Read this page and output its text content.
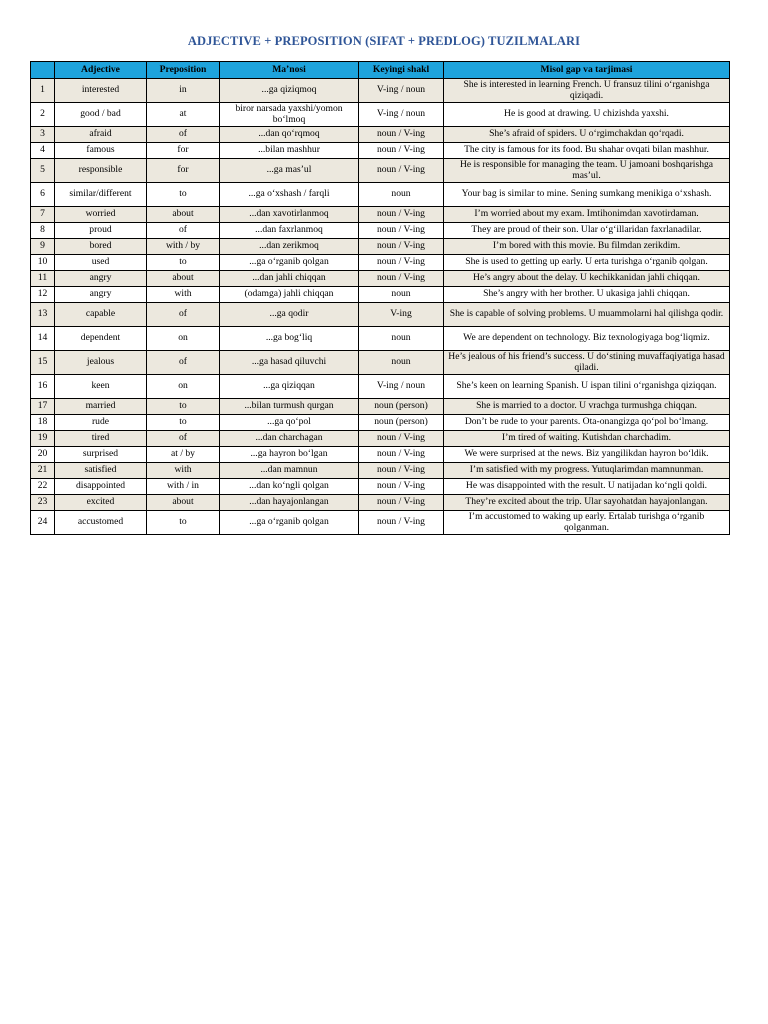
ADJECTIVE + PREPOSITION (SIFAT + PREDLOG) TUZILMALARI
	Adjective	Preposition	Ma’nosi	Keyingi shakl	Misol gap va tarjimasi
1	interested	in	...ga qiziqmoq	V-ing / noun	She is interested in learning French. U fransuz tilini o‘rganishga qiziqadi.
2	good / bad	at	biror narsada yaxshi/yomon bo‘lmoq	V-ing / noun	He is good at drawing. U chizishda yaxshi.
3	afraid	of	...dan qo‘rqmoq	noun / V-ing	She’s afraid of spiders. U o‘rgimchakdan qo‘rqadi.
4	famous	for	...bilan mashhur	noun / V-ing	The city is famous for its food. Bu shahar ovqati bilan mashhur.
5	responsible	for	...ga mas’ul	noun / V-ing	He is responsible for managing the team. U jamoani boshqarishga mas’ul.
6	similar/different	to	...ga o‘xshash / farqli	noun	Your bag is similar to mine. Sening sumkang menikiga o‘xshash.
7	worried	about	...dan xavotirlanmoq	noun / V-ing	I’m worried about my exam. Imtihonimdan xavotirdaman.
8	proud	of	...dan faxrlanmoq	noun / V-ing	They are proud of their son. Ular o‘g‘illaridan faxrlanadilar.
9	bored	with / by	...dan zerikmoq	noun / V-ing	I’m bored with this movie. Bu filmdan zerikdim.
10	used	to	...ga o‘rganib qolgan	noun / V-ing	She is used to getting up early. U erta turishga o‘rganib qolgan.
11	angry	about	...dan jahli chiqqan	noun / V-ing	He’s angry about the delay. U kechikkanidan jahli chiqqan.
12	angry	with	(odamga) jahli chiqqan	noun	She’s angry with her brother. U ukasiga jahli chiqqan.
13	capable	of	...ga qodir	V-ing	She is capable of solving problems. U muammolarni hal qilishga qodir.
14	dependent	on	...ga bog‘liq	noun	We are dependent on technology. Biz texnologiyaga bog‘liqmiz.
15	jealous	of	...ga hasad qiluvchi	noun	He’s jealous of his friend’s success. U do‘stining muvaffaqiyatiga hasad qiladi.
16	keen	on	...ga qiziqqan	V-ing / noun	She’s keen on learning Spanish. U ispan tilini o‘rganishga qiziqqan.
17	married	to	...bilan turmush qurgan	noun (person)	She is married to a doctor. U vrachga turmushga chiqqan.
18	rude	to	...ga qo‘pol	noun (person)	Don’t be rude to your parents. Ota-onangizga qo‘pol bo‘lmang.
19	tired	of	...dan charchagan	noun / V-ing	I’m tired of waiting. Kutishdan charchadim.
20	surprised	at / by	...ga hayron bo‘lgan	noun / V-ing	We were surprised at the news. Biz yangilikdan hayron bo‘ldik.
21	satisfied	with	...dan mamnun	noun / V-ing	I’m satisfied with my progress. Yutuqlarimdan mamnunman.
22	disappointed	with / in	...dan ko‘ngli qolgan	noun / V-ing	He was disappointed with the result. U natijadan ko‘ngli qoldi.
23	excited	about	...dan hayajonlangan	noun / V-ing	They’re excited about the trip. Ular sayohatdan hayajonlangan.
24	accustomed	to	...ga o‘rganib qolgan	noun / V-ing	I’m accustomed to waking up early. Ertalab turishga o‘rganib qolganman.
